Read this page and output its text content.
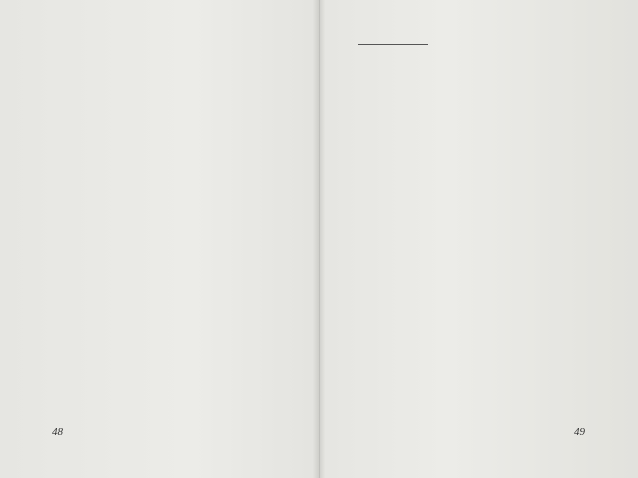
48	49
